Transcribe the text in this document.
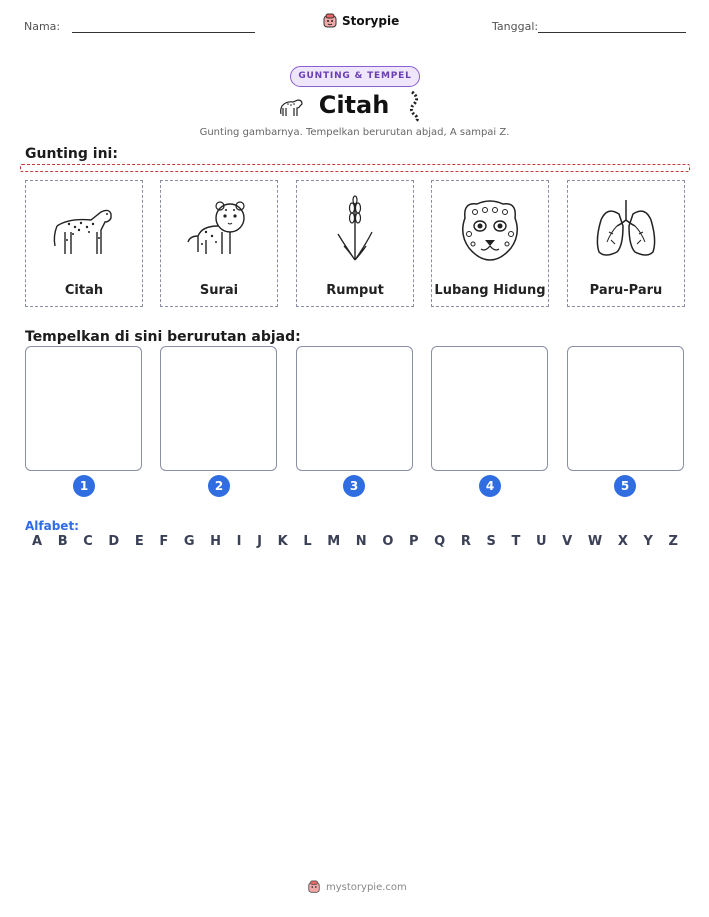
Nama:	Storypie	Tanggal:
GUNTING & TEMPEL
Citah
Gunting gambarnya. Tempelkan berurutan abjad, A sampai Z.
Gunting ini:
Citah	Surai	Rumput	Lubang Hidung	Paru-Paru
Tempelkan di sini berurutan abjad:
1	2	3	4	5
Alfabet:
A B C D E F G H I J K L M N O P Q R S T U V W X Y Z
mystorypie.com
